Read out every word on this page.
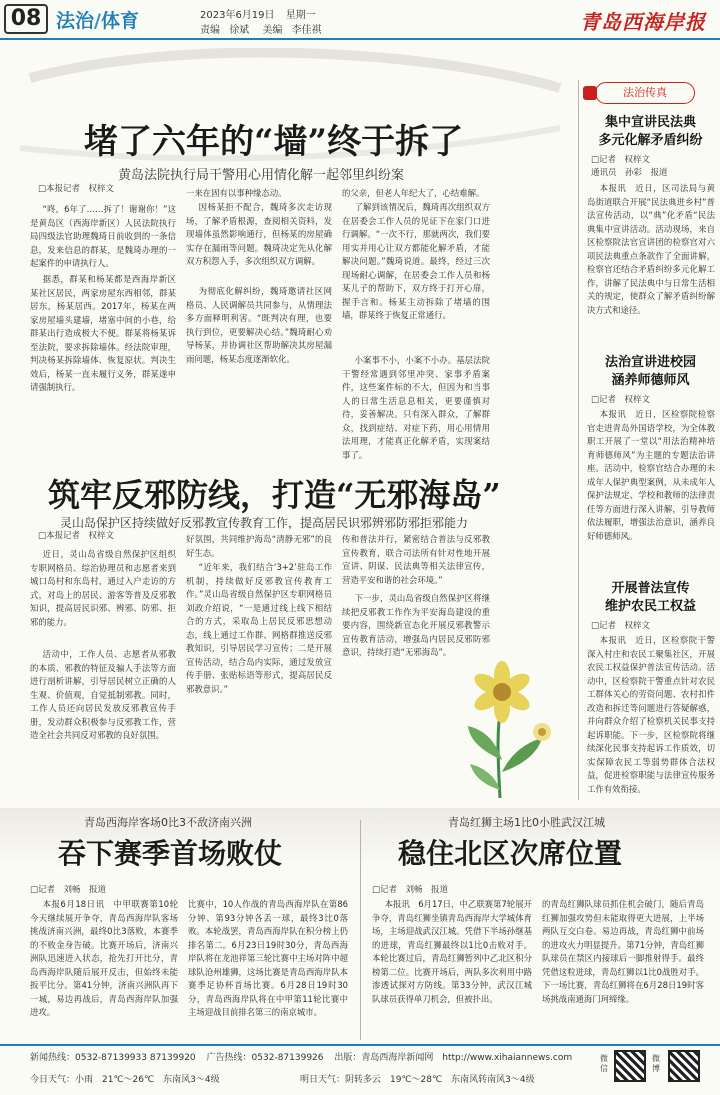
08 法治/体育	2023年6月19日 星期一
责编 徐斌 美编 李佳祺	青岛西海岸报
堵了六年的“墙”终于拆了
黄岛法院执行局干警用心用情化解一起邻里纠纷案
□本报记者　权梓文
“咚，6年了……拆了！谢谢你！”这是黄岛区（西海岸新区）人民法院执行局四级法官助理魏琦日前收到的一条信息，发来信息的群某，是魏琦办理的一起案件的申请执行人。
据悉，群某和杨某都是西海岸新区某社区居民，两家房屋东西相邻，群某居东，杨某居西。2017年，杨某在两家房屋墙头建墙，堵塞中间的小巷，给群某出行造成极大不便。群某将杨某诉至法院，要求拆除墙体。经法院审理，判决杨某拆除墙体、恢复原状。判决生效后，杨某一直未履行义务，群某遂申请强制执行。
一来在固有以事种缘态动。
因杨某拒不配合，魏琦多次走访现场，了解矛盾根源，查阅相关资料，发现墙体虽然影响通行，但杨某的房屋确实存在漏雨等问题。魏琦决定先从化解双方积怨入手，多次组织双方调解。
为彻底化解纠纷，魏琦邀请社区网格员、人民调解员共同参与，从情理法多方面释明利害。“既判决有理，也要执行到位，更要解决心结。”魏琦耐心劝导杨某，并协调社区帮助解决其房屋漏雨问题，杨某态度逐渐软化。
的父亲，但老人年纪大了，心结难解。
了解到该情况后，魏琦再次组织双方在居委会工作人员的见证下在家门口进行调解。“一次不行，那就两次，我们要用实并用心让双方都能化解矛盾，才能解决问题。”魏琦说道。最终，经过三次现场耐心调解，在居委会工作人员和杨某儿子的帮助下，双方终于打开心扉，握手言和。杨某主动拆除了堵墙的围墙，群某终于恢复正常通行。
小案事不小，小案不小办。基层法院干警经常遇到邻里冲突、家事矛盾案件，这些案件标的不大，但因为和当事人的日常生活息息相关，更要谨慎对待，妥善解决。只有深入群众，了解群众，找到症结、对症下药，用心用情用法用理，才能真正化解矛盾，实现案结事了。
筑牢反邪防线，打造“无邪海岛”
灵山岛保护区持续做好反邪教宣传教育工作，提高居民识邪辨邪防邪拒邪能力
□本报记者　权梓文
近日，灵山岛省级自然保护区组织专职网格员、综治协理员和志愿者来到城口岛村和东岛村，通过入户走访的方式，对岛上的居民、游客等普及反邪教知识，提高居民识邪、辨邪、防邪、拒邪的能力。
活动中，工作人员、志愿者从邪教的本质、邪教的特征及骗人手法等方面进行剖析讲解，引导居民树立正确的人生观、价值观，自觉抵制邪教。同时，工作人员还向居民发放反邪教宣传手册，发动群众积极参与反邪教工作，营造全社会共同反对邪教的良好氛围。
好氛围，共同维护海岛“清静无邪”的良好生态。
“近年来，我们结合‘3+2’驻岛工作机制，持续做好反邪教宣传教育工作。”灵山岛省级自然保护区专职网格员刘政介绍说，“一是通过线上线下相结合的方式，采取岛上居民反邪思想动态，线上通过工作群、网格群推送反邪教知识，引导居民学习宣传；二是开展宣传活动，结合岛内实际，通过发放宣传手册、张贴标语等形式，提高居民反邪教意识。”
传和普法并行，紧密结合普法与反邪教宣传教育，联合司法所有针对性地开展宣讲、阴谋、民法典等相关法律宣传，营造平安和谐的社会环境。”
下一步，灵山岛省级自然保护区将继续把反邪教工作作为平安海岛建设的重要内容，围绕新宣态化开展反邪教警示宣传教育活动，增强岛内居民反邪防邪意识，持续打造“无邪海岛”。
法治传真
集中宣讲民法典
多元化解矛盾纠纷
□记者　权梓文
通讯员　孙彩　报道
本报讯　近日，区司法局与黄岛街道联合开展“民法典进乡村”普法宣传活动，以“典”化矛盾“民法典集中宣讲活动。活动现场，来自区检察院法官宣讲团的检察官对六项民法典重点条款作了全面讲解，检察官还结合矛盾纠纷多元化解工作，讲解了民法典中与日常生活相关的规定，使群众了解矛盾纠纷解决方式和途径。
法治宣讲进校园
涵养师德师风
□记者　权梓文
本报讯　近日，区检察院检察官走进青岛外国语学校，为全体教职工开展了一堂以“用法治精神培育师德师风”为主题的专题法治讲座。活动中，检察官结合办理的未成年人保护典型案例，从未成年人保护法规定、学校和教师的法律责任等方面进行深入讲解，引导教师依法履职，增强法治意识，涵养良好师德师风。
开展普法宣传
维护农民工权益
□记者　权梓文
本报讯　近日，区检察院干警深入村庄和农民工聚集社区，开展农民工权益保护普法宣传活动。活动中，区检察院干警重点针对农民工群体关心的劳资问题、农村扣件改造和拆迁等问题进行答疑解惑，并向群众介绍了检察机关民事支持起诉职能。下一步，区检察院将继续深化民事支持起诉工作质效，切实保障农民工等弱势群体合法权益，促进检察职能与法律宣传服务工作有效衔接。
青岛西海岸客场0比3不敌济南兴洲
吞下赛季首场败仗
□记者　刘畅　报道
本报6月18日讯　中甲联赛第10轮今天继续展开争夺，青岛西海岸队客场挑战济南兴洲，最终0比3落败，本赛季的不败金身告破。比赛开场后，济南兴洲队迅速进入状态，抢先打开比分，青岛西海岸队随后展开反击，但始终未能扳平比分。第41分钟，济南兴洲队再下一城，易边再战后，青岛西海岸队加强进攻。
比赛中，10人作战的青岛西海岸队在第86分钟、第93分钟各丢一球，最终3比0落败。本轮战罢，青岛西海岸队在积分榜上仍排名第二。6月23日19时30分，青岛西海岸队将在龙池祥第三轮比赛中主场对阵中超球队沧州雄狮，这场比赛是青岛西海岸队本赛季足协杯首场比赛。6月28日19时30分，青岛西海岸队将在中甲第11轮比赛中主场迎战目前排名第三的南京城市。
青岛红狮主场1比0小胜武汉江城
稳住北区次席位置
□记者　刘畅　报道
本报讯　6月17日，中乙联赛第7轮展开争夺，青岛红狮坐镇青岛西海岸大学城体育场，主场迎战武汉江城。凭借下半场孙继基的进球，青岛红狮最终以1比0击败对手。本轮比赛过后，青岛红狮暂列中乙北区积分榜第二位。比赛开场后，两队多次利用中路渗透试探对方防线。第33分钟，武汉江城队球员获得单刀机会，但被扑出。
的青岛红狮队球员抓住机会破门，随后青岛红狮加强攻势但未能取得更大进展，上半场两队互交白卷。易边再战，青岛红狮中前场的进攻火力明显提升。第71分钟，青岛红狮队球员在禁区内接球后一脚推射得手。最终凭借这粒进球，青岛红狮以1比0战胜对手。下一场比赛，青岛红狮将在6月28日19时客场挑战南通海门珂缔缘。
新闻热线：0532-87139933 87139920 广告热线：0532-87139926 出版：青岛西海岸新闻网 http://www.xihaiannews.com
今日天气：小雨　21℃～26℃　东南风3～4级	明日天气：阴转多云　19℃～28℃　东南风转南风3～4级
微信
微博
